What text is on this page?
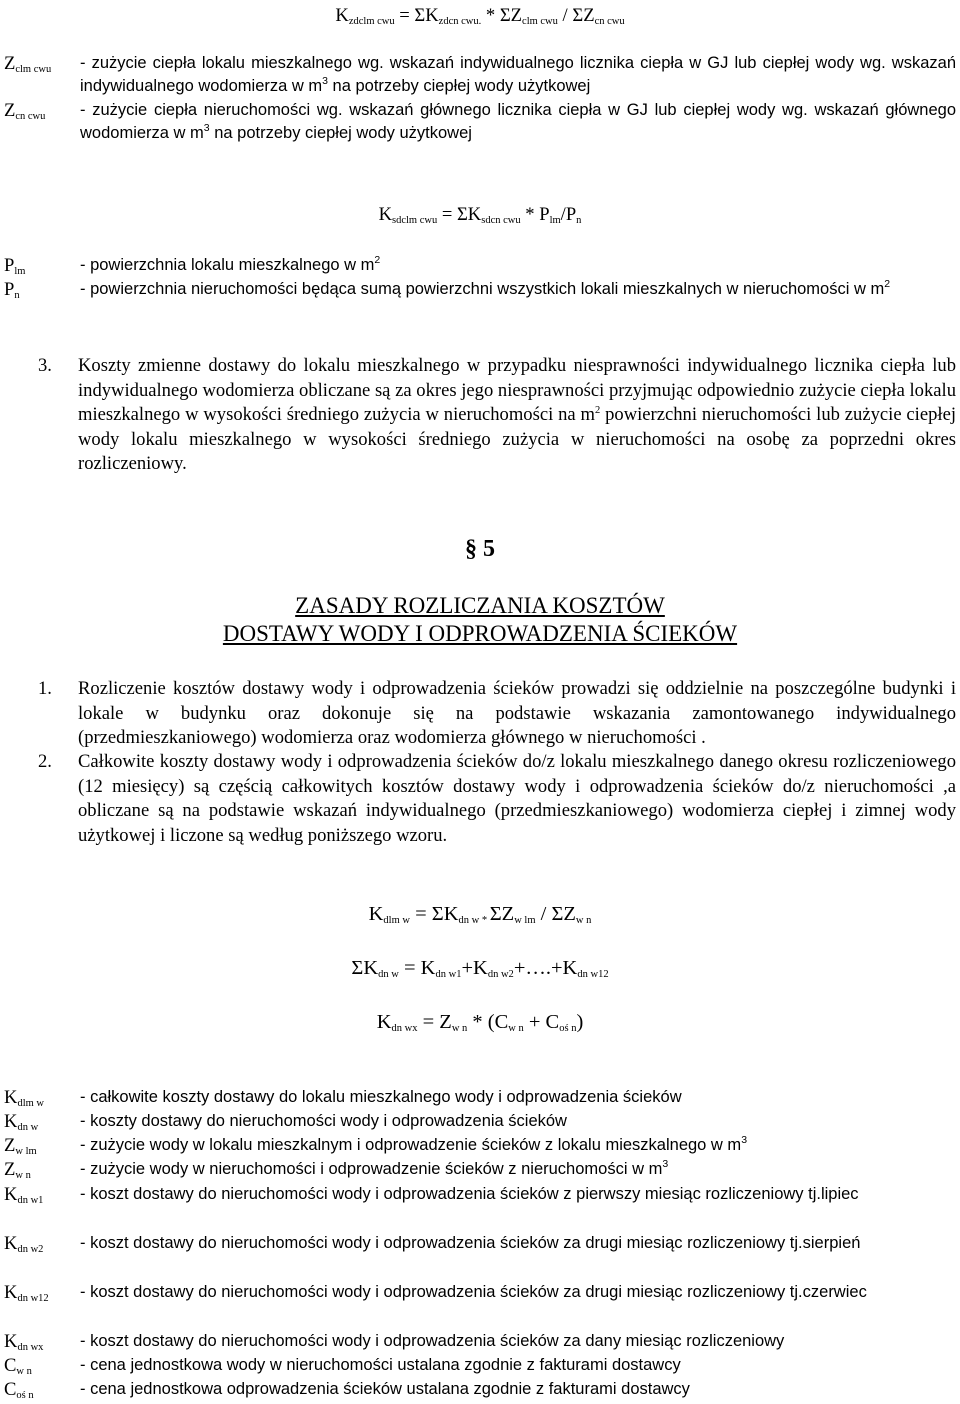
$K_{zdclm cwu} = \Sigma K_{zdcn cwu.} * \Sigma Z_{clm cwu} / \Sigma Z_{cn cwu}$
$Z_{clm cwu}$ - zużycie ciepła lokalu mieszkalnego wg. wskazań indywidualnego licznika ciepła w GJ lub ciepłej wody wg. wskazań indywidualnego wodomierza w $m^3$ na potrzeby ciepłej wody użytkowej
$Z_{cn cwu}$ - zużycie ciepła nieruchomości wg. wskazań głównego licznika ciepła w GJ lub ciepłej wody wg. wskazań głównego wodomierza w $m^3$ na potrzeby ciepłej wody użytkowej
$K_{sdclm cwu} = \Sigma K_{sdcn cwu} * P_{lm}/P_n$
$P_{lm}$	- powierzchnia lokalu mieszkalnego w $m^2$
$P_n$	- powierzchnia nieruchomości będąca sumą powierzchni wszystkich lokali mieszkalnych w nieruchomości w $m^2$
3. Koszty zmienne dostawy do lokalu mieszkalnego w przypadku niesprawności indywidualnego licznika ciepła lub indywidualnego wodomierza obliczane są za okres jego niesprawności przyjmując odpowiednio zużycie ciepła lokalu mieszkalnego w wysokości średniego zużycia w nieruchomości na $m^2$ powierzchni nieruchomości lub zużycie ciepłej wody lokalu mieszkalnego w wysokości średniego zużycia w nieruchomości na osobę za poprzedni okres rozliczeniowy.
§ 5
ZASADY ROZLICZANIA KOSZTÓW
DOSTAWY WODY I ODPROWADZENIA ŚCIEKÓW
1. Rozliczenie kosztów dostawy wody i odprowadzenia ścieków prowadzi się oddzielnie na poszczególne budynki i lokale w budynku oraz dokonuje się na podstawie wskazania zamontowanego indywidualnego (przedmieszkaniowego) wodomierza oraz wodomierza głównego w nieruchomości .
2. Całkowite koszty dostawy wody i odprowadzenia ścieków do/z lokalu mieszkalnego danego okresu rozliczeniowego (12 miesięcy) są częścią całkowitych kosztów dostawy wody i odprowadzenia ścieków do/z nieruchomości ,a obliczane są na podstawie wskazań indywidualnego (przedmieszkaniowego) wodomierza ciepłej i zimnej wody użytkowej i liczone są według poniższego wzoru.
$K_{dlm w} = \Sigma K_{dn w}$ $_*$ $\Sigma Z_{w lm} / \Sigma Z_{w n}$
$\Sigma K_{dn w}$ = $K_{dn w1}+K_{dn w2}+\dots.+K_{dn w12}$
$K_{dn wx} = Z_{w n} * (C_{w n} + C_{oś n})$
$K_{dlm w}$ - całkowite koszty dostawy do lokalu mieszkalnego wody i odprowadzenia ścieków
$K_{dn w}$	- koszty dostawy do nieruchomości wody i odprowadzenia ścieków
$Z_{w lm}$	- zużycie wody w lokalu mieszkalnym i odprowadzenie ścieków z lokalu mieszkalnego w $m^3$
$Z_{w n}$	- zużycie wody w nieruchomości i odprowadzenie ścieków z nieruchomości w $m^3$
$K_{dn w1}$ - koszt dostawy do nieruchomości wody i odprowadzenia ścieków z pierwszy miesiąc rozliczeniowy tj.lipiec
$K_{dn w2}$ - koszt dostawy do nieruchomości wody i odprowadzenia ścieków za drugi miesiąc rozliczeniowy tj.sierpień
$K_{dn w12}$ - koszt dostawy do nieruchomości wody i odprowadzenia ścieków za drugi miesiąc rozliczeniowy tj.czerwiec
$K_{dn wx}$ - koszt dostawy do nieruchomości wody i odprowadzenia ścieków za dany miesiąc rozliczeniowy
$C_{w n}$	- cena jednostkowa wody w nieruchomości ustalana zgodnie z fakturami dostawcy
$C_{oś n}$	- cena jednostkowa odprowadzenia ścieków ustalana zgodnie z fakturami dostawcy
